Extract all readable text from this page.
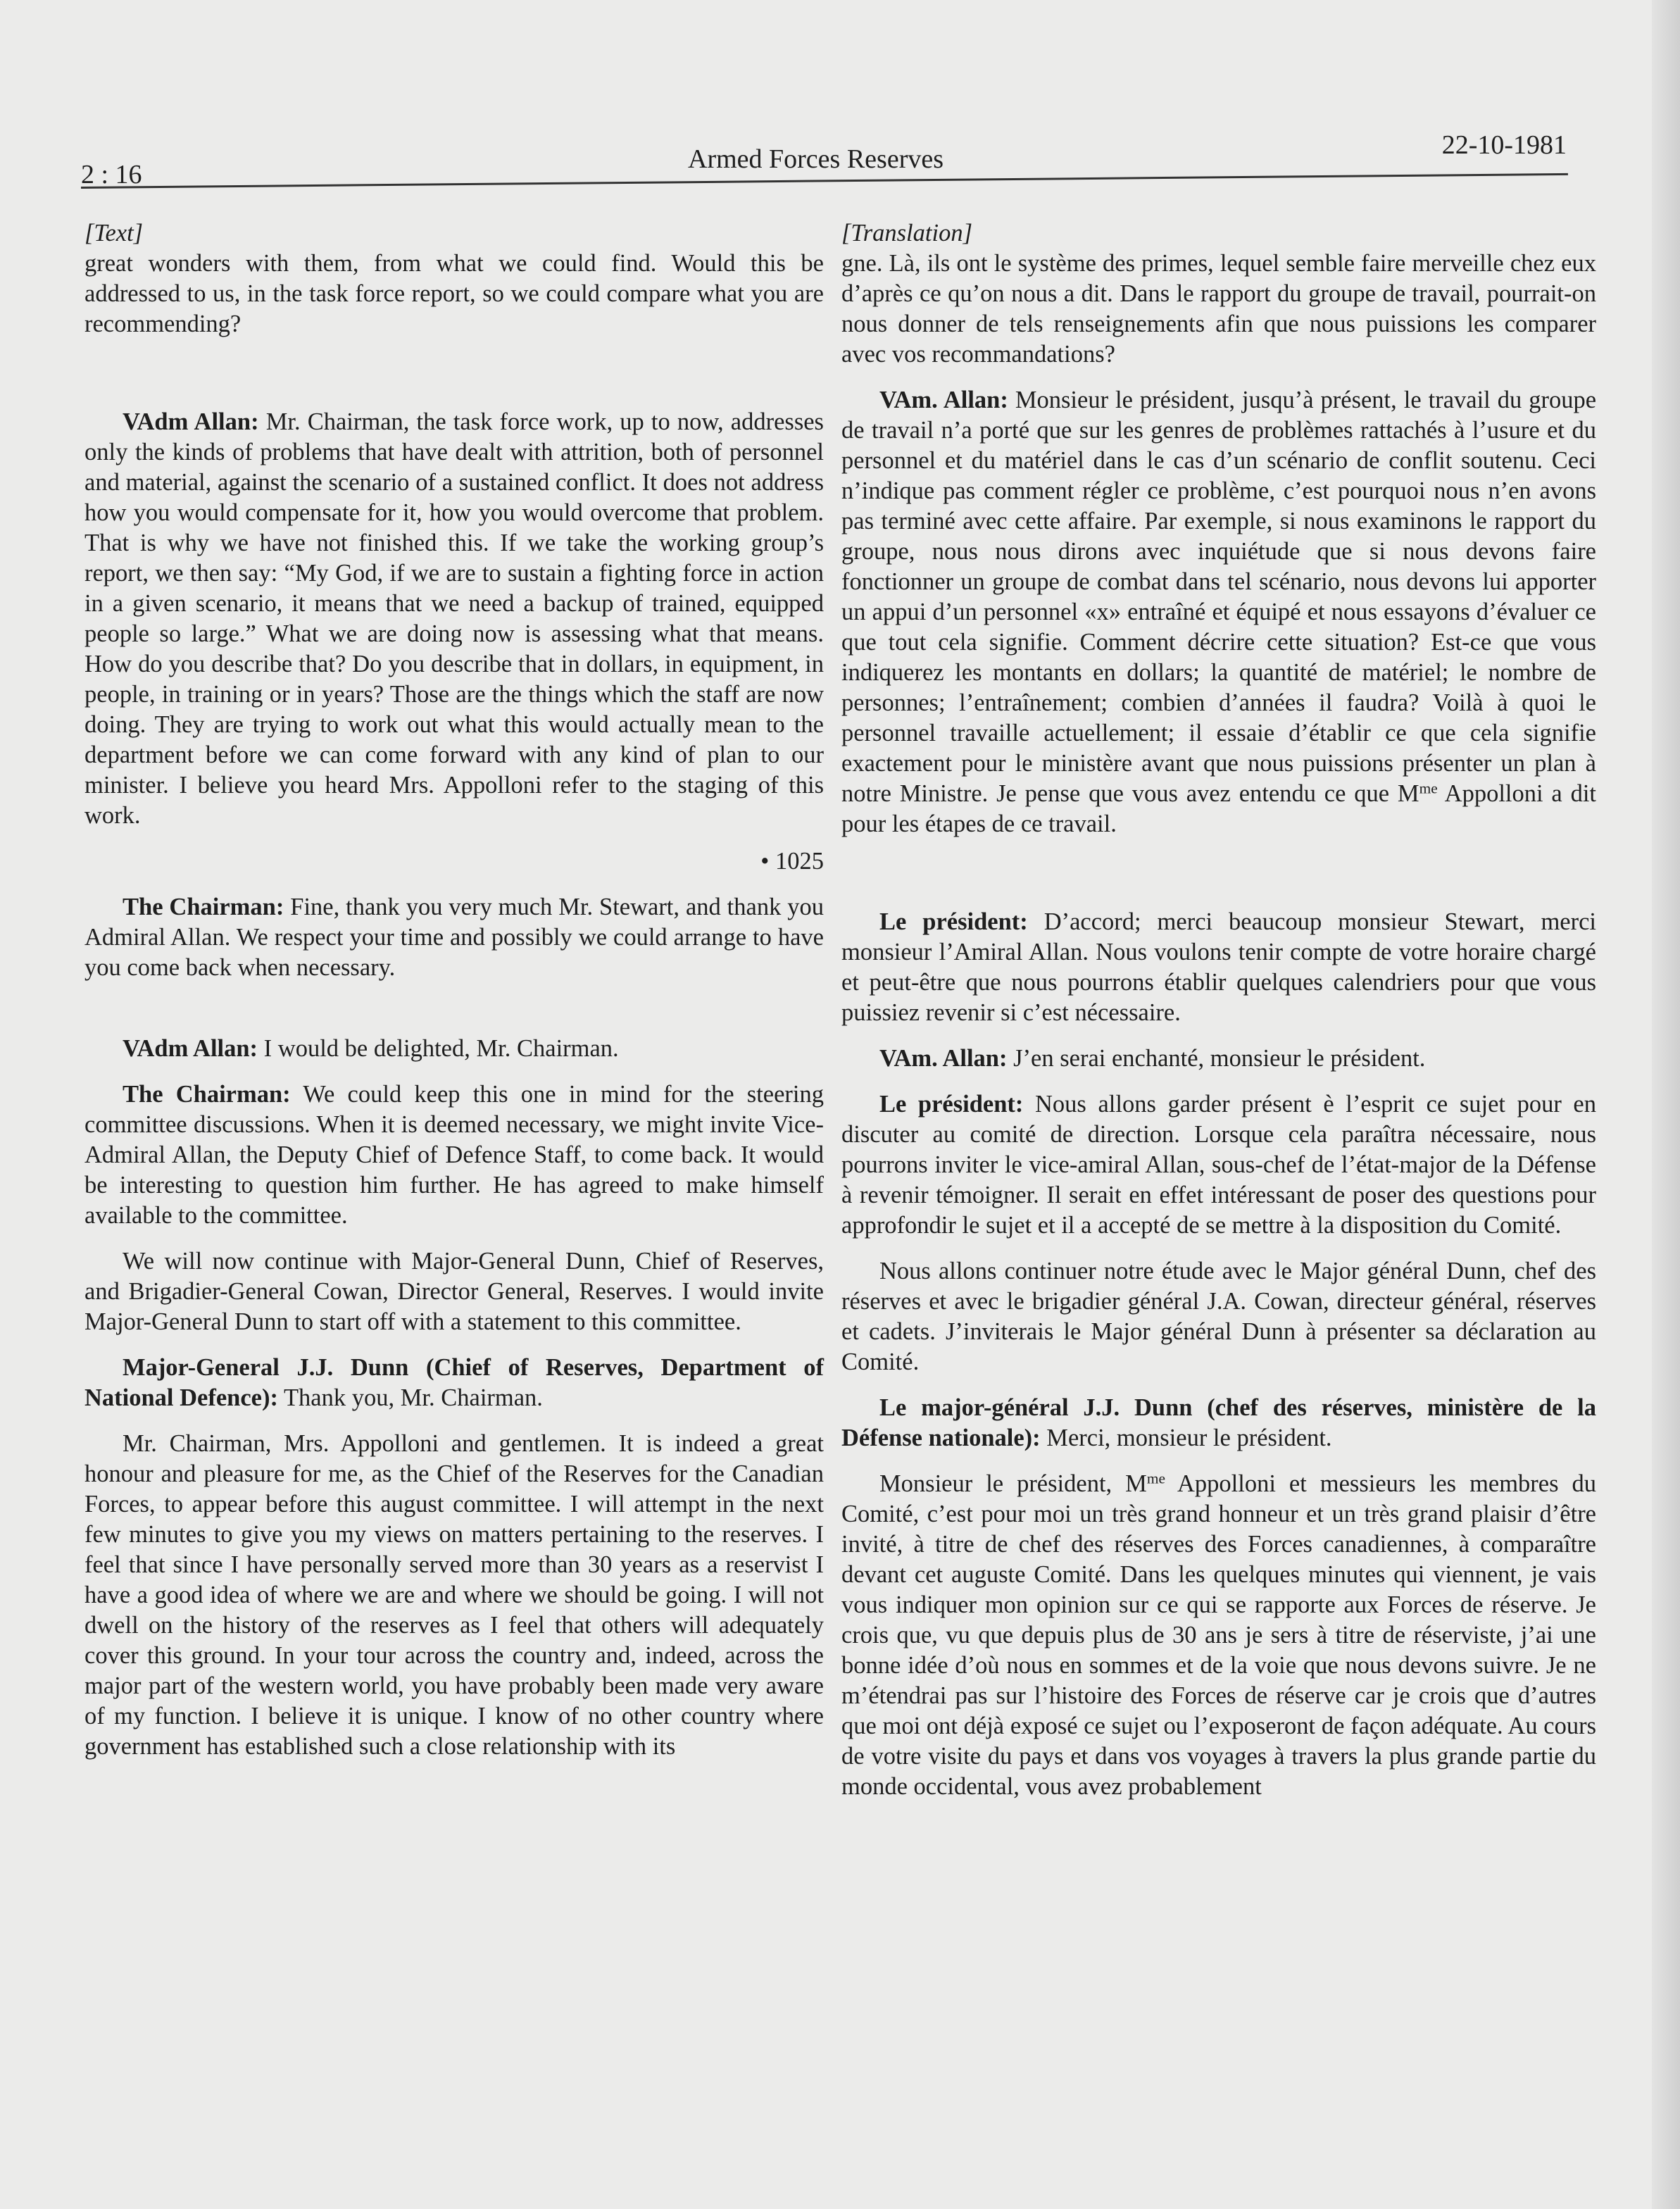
2 : 16
Armed Forces Reserves	22-10-1981

[Text]

great wonders with them, from what we could find. Would this be addressed to us, in the task force report, so we could compare what you are recommending?

VAdm Allan: Mr. Chairman, the task force work, up to now, addresses only the kinds of problems that have dealt with attrition, both of personnel and material, against the scenario of a sustained conflict. It does not address how you would compensate for it, how you would overcome that problem. That is why we have not finished this. If we take the working group’s report, we then say: “My God, if we are to sustain a fighting force in action in a given scenario, it means that we need a backup of trained, equipped people so large.” What we are doing now is assessing what that means. How do you describe that? Do you describe that in dollars, in equipment, in people, in training or in years? Those are the things which the staff are now doing. They are trying to work out what this would actually mean to the department before we can come forward with any kind of plan to our minister. I believe you heard Mrs. Appolloni refer to the staging of this work.

• 1025

The Chairman: Fine, thank you very much Mr. Stewart, and thank you Admiral Allan. We respect your time and possibly we could arrange to have you come back when necessary.

VAdm Allan: I would be delighted, Mr. Chairman.

The Chairman: We could keep this one in mind for the steering committee discussions. When it is deemed necessary, we might invite Vice-Admiral Allan, the Deputy Chief of Defence Staff, to come back. It would be interesting to question him further. He has agreed to make himself available to the committee.

We will now continue with Major-General Dunn, Chief of Reserves, and Brigadier-General Cowan, Director General, Reserves. I would invite Major-General Dunn to start off with a statement to this committee.

Major-General J.J. Dunn (Chief of Reserves, Department of National Defence): Thank you, Mr. Chairman.

Mr. Chairman, Mrs. Appolloni and gentlemen. It is indeed a great honour and pleasure for me, as the Chief of the Reserves for the Canadian Forces, to appear before this august committee. I will attempt in the next few minutes to give you my views on matters pertaining to the reserves. I feel that since I have personally served more than 30 years as a reservist I have a good idea of where we are and where we should be going. I will not dwell on the history of the reserves as I feel that others will adequately cover this ground. In your tour across the country and, indeed, across the major part of the western world, you have probably been made very aware of my function. I believe it is unique. I know of no other country where government has established such a close relationship with its

[Translation]

gne. Là, ils ont le système des primes, lequel semble faire merveille chez eux d’après ce qu’on nous a dit. Dans le rapport du groupe de travail, pourrait-on nous donner de tels renseignements afin que nous puissions les comparer avec vos recommandations?

VAm. Allan: Monsieur le président, jusqu’à présent, le travail du groupe de travail n’a porté que sur les genres de problèmes rattachés à l’usure et du personnel et du matériel dans le cas d’un scénario de conflit soutenu. Ceci n’indique pas comment régler ce problème, c’est pourquoi nous n’en avons pas terminé avec cette affaire. Par exemple, si nous examinons le rapport du groupe, nous nous dirons avec inquiétude que si nous devons faire fonctionner un groupe de combat dans tel scénario, nous devons lui apporter un appui d’un personnel «x» entraîné et équipé et nous essayons d’évaluer ce que tout cela signifie. Comment décrire cette situation? Est-ce que vous indiquerez les montants en dollars; la quantité de matériel; le nombre de personnes; l’entraînement; combien d’années il faudra? Voilà à quoi le personnel travaille actuellement; il essaie d’établir ce que cela signifie exactement pour le ministère avant que nous puissions présenter un plan à notre Ministre. Je pense que vous avez entendu ce que $M^{me}$ Appolloni a dit pour les étapes de ce travail.

Le président: D’accord; merci beaucoup monsieur Stewart, merci monsieur l’Amiral Allan. Nous voulons tenir compte de votre horaire chargé et peut-être que nous pourrons établir quelques calendriers pour que vous puissiez revenir si c’est nécessaire.

VAm. Allan: J’en serai enchanté, monsieur le président.

Le président: Nous allons garder présent è l’esprit ce sujet pour en discuter au comité de direction. Lorsque cela paraîtra nécessaire, nous pourrons inviter le vice-amiral Allan, sous-chef de l’état-major de la Défense à revenir témoigner. Il serait en effet intéressant de poser des questions pour approfondir le sujet et il a accepté de se mettre à la disposition du Comité.

Nous allons continuer notre étude avec le Major général Dunn, chef des réserves et avec le brigadier général J.A. Cowan, directeur général, réserves et cadets. J’inviterais le Major général Dunn à présenter sa déclaration au Comité.

Le major-général J.J. Dunn (chef des réserves, ministère de la Défense nationale): Merci, monsieur le président.

Monsieur le président, $M^{me}$ Appolloni et messieurs les membres du Comité, c’est pour moi un très grand honneur et un très grand plaisir d’être invité, à titre de chef des réserves des Forces canadiennes, à comparaître devant cet auguste Comité. Dans les quelques minutes qui viennent, je vais vous indiquer mon opinion sur ce qui se rapporte aux Forces de réserve. Je crois que, vu que depuis plus de 30 ans je sers à titre de réserviste, j’ai une bonne idée d’où nous en sommes et de la voie que nous devons suivre. Je ne m’étendrai pas sur l’histoire des Forces de réserve car je crois que d’autres que moi ont déjà exposé ce sujet ou l’exposeront de façon adéquate. Au cours de votre visite du pays et dans vos voyages à travers la plus grande partie du monde occidental, vous avez probablement
